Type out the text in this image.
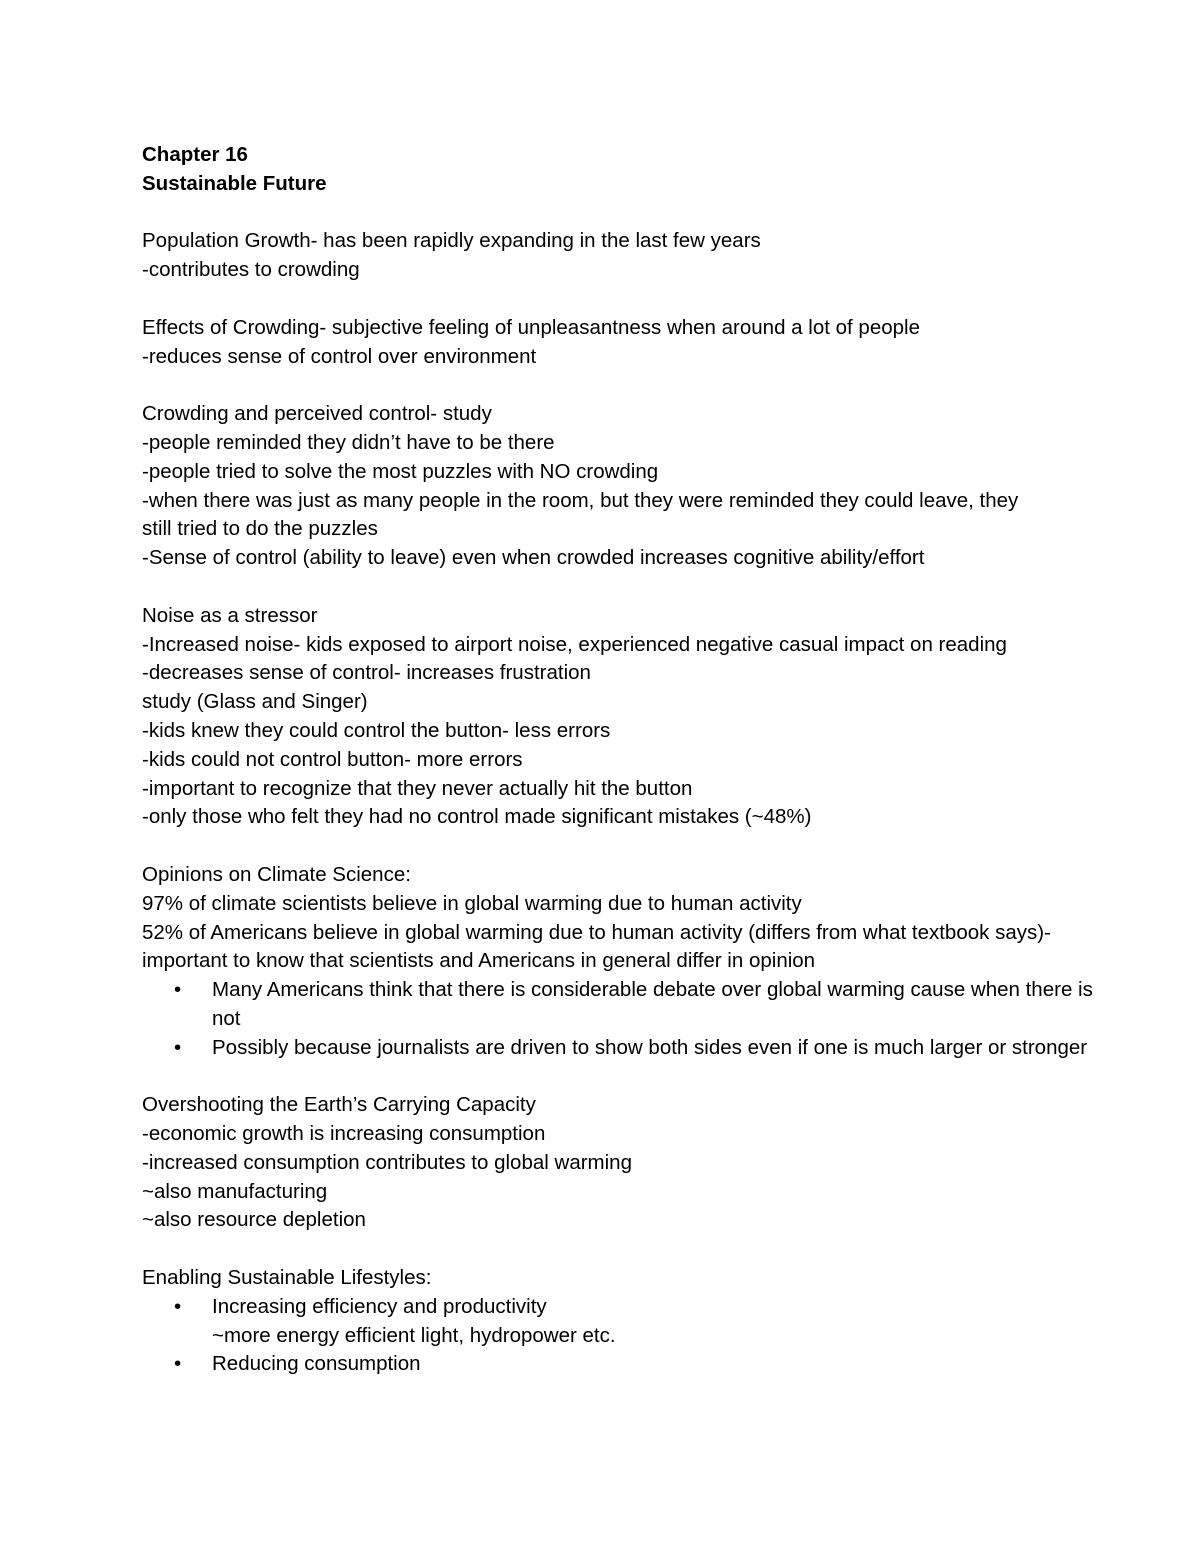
Chapter 16

Sustainable Future

Population Growth- has been rapidly expanding in the last few years

-contributes to crowding

Effects of Crowding- subjective feeling of unpleasantness when around a lot of people

-reduces sense of control over environment

Crowding and perceived control- study

-people reminded they didn’t have to be there

-people tried to solve the most puzzles with NO crowding

-when there was just as many people in the room, but they were reminded they could leave, they still tried to do the puzzles

-Sense of control (ability to leave) even when crowded increases cognitive ability/effort

Noise as a stressor

-Increased noise- kids exposed to airport noise, experienced negative casual impact on reading

-decreases sense of control- increases frustration

study (Glass and Singer)

-kids knew they could control the button- less errors

-kids could not control button- more errors

-important to recognize that they never actually hit the button

-only those who felt they had no control made significant mistakes (~48%)

Opinions on Climate Science:

97% of climate scientists believe in global warming due to human activity

52% of Americans believe in global warming due to human activity (differs from what textbook says)- important to know that scientists and Americans in general differ in opinion

• Many Americans think that there is considerable debate over global warming cause when there is not
• Possibly because journalists are driven to show both sides even if one is much larger or stronger

Overshooting the Earth’s Carrying Capacity

-economic growth is increasing consumption

-increased consumption contributes to global warming

~also manufacturing

~also resource depletion

Enabling Sustainable Lifestyles:

• Increasing efficiency and productivity

~more energy efficient light, hydropower etc.

• Reducing consumption
